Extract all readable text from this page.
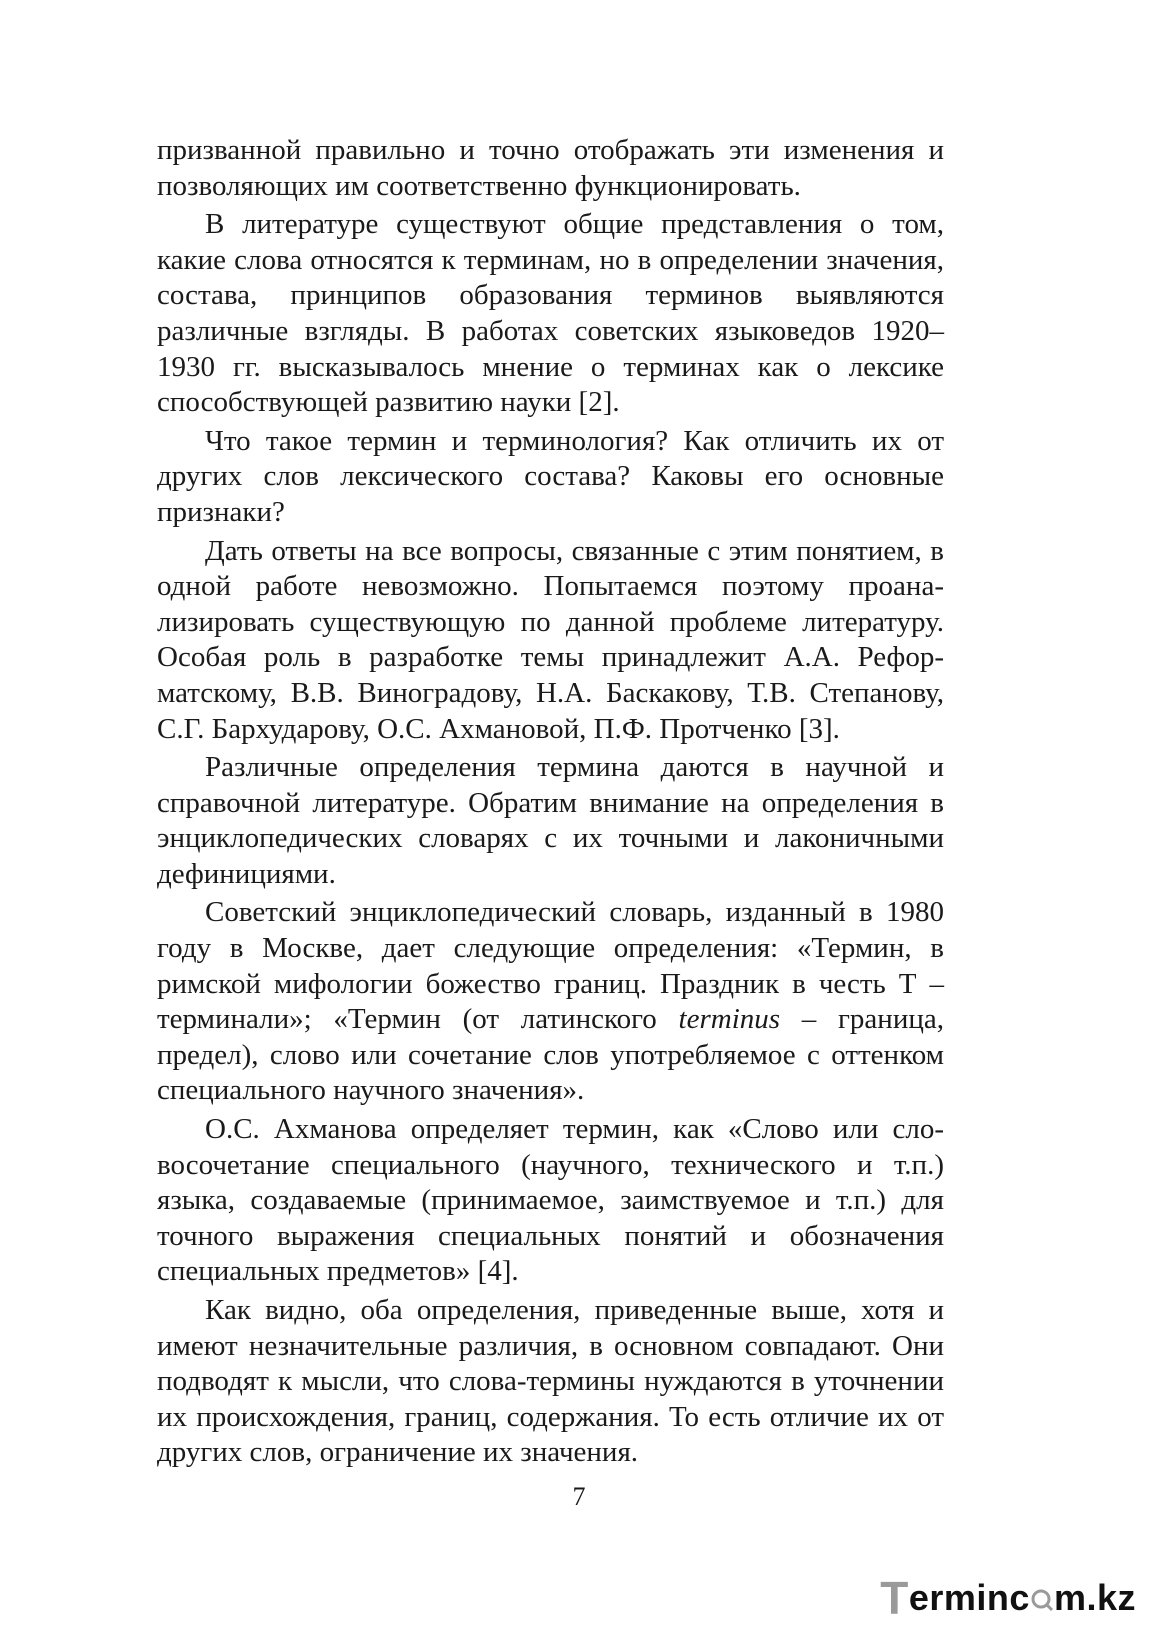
призванной правильно и точно отображать эти изменения и позволяющих им соответственно функционировать.

В литературе существуют общие представления о том, какие слова относятся к терминам, но в определении значения, состава, принципов образования терминов выявляются различные взгляды. В работах советских языковедов 1920–1930 гг. высказывалось мнение о терминах как о лексике способствующей развитию науки [2].

Что такое термин и терминология? Как отличить их от других слов лексического состава? Каковы его основные признаки?

Дать ответы на все вопросы, связанные с этим понятием, в одной работе невозможно. Попытаемся поэтому проанализировать существующую по данной проблеме литературу. Особая роль в разработке темы принадлежит А.А. Реформатскому, В.В. Виноградову, Н.А. Баскакову, Т.В. Степанову, С.Г. Бархударову, О.С. Ахмановой, П.Ф. Протченко [3].

Различные определения термина даются в научной и справочной литературе. Обратим внимание на определения в энциклопедических словарях с их точными и лаконичными дефинициями.

Советский энциклопедический словарь, изданный в 1980 году в Москве, дает следующие определения: «Термин, в римской мифологии божество границ. Праздник в честь Т – терминали»; «Термин (от латинского terminus – граница, предел), слово или сочетание слов употребляемое с оттенком специального научного значения».

О.С. Ахманова определяет термин, как «Слово или словосочетание специального (научного, технического и т.п.) языка, создаваемые (принимаемое, заимствуемое и т.п.) для точного выражения специальных понятий и обозначения специальных предметов» [4].

Как видно, оба определения, приведенные выше, хотя и имеют незначительные различия, в основном совпадают. Они подводят к мысли, что слова-термины нуждаются в уточнении их происхождения, границ, содержания. То есть отличие их от других слов, ограничение их значения.

7
T erminc m.kz
